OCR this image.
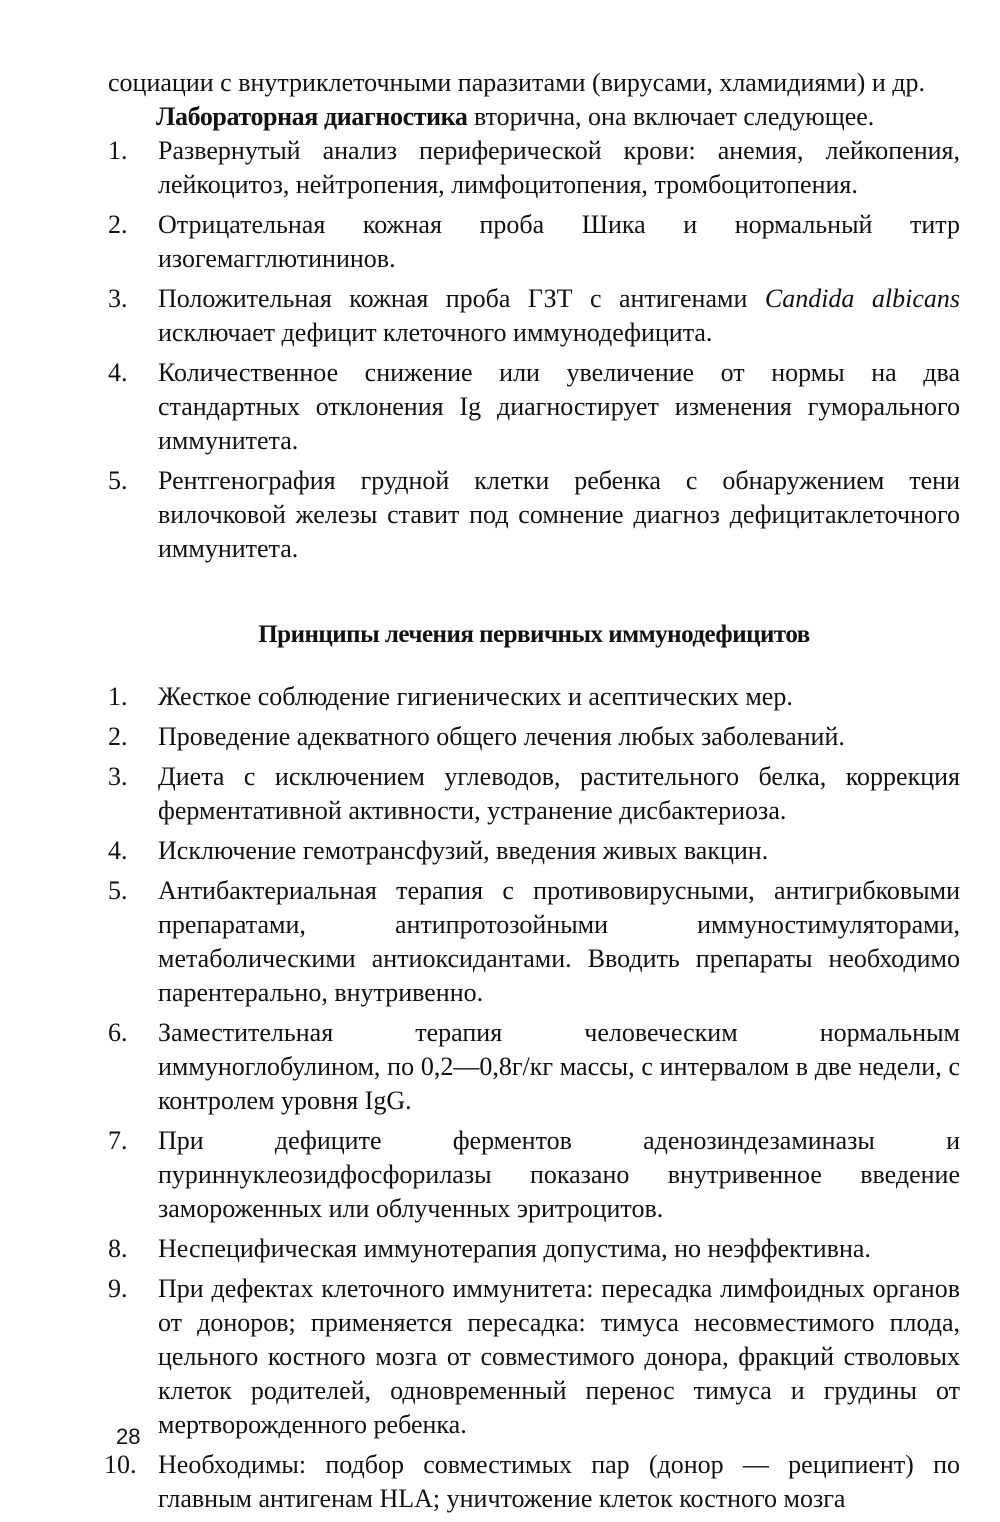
социации с внутриклеточными паразитами (вирусами, хламидиями) и др.

Лабораторная диагностика вторична, она включает следующее.

1.	Развернутый анализ периферической крови: анемия, лейкопения, лейкоцитоз, нейтропения, лимфоцитопения, тромбоцитопения.
2.	Отрицательная кожная проба Шика и нормальный титр изогемагглютининов.
3.	Положительная кожная проба ГЗТ с антигенами Candida albicans исключает дефицит клеточного иммунодефицита.
4.	Количественное снижение или увеличение от нормы на два стандартных отклонения Ig диагностирует изменения гуморального иммунитета.
5.	Рентгенография грудной клетки ребенка с обнаружением тени вилочковой железы ставит под сомнение диагноз дефицитаклеточного иммунитета.
Принципы лечения первичных иммунодефицитов
1.	Жесткое соблюдение гигиенических и асептических мер.
2.	Проведение адекватного общего лечения любых заболеваний.
3.	Диета с исключением углеводов, растительного белка, коррекция ферментативной активности, устранение дисбактериоза.
4.	Исключение гемотрансфузий, введения живых вакцин.
5.	Антибактериальная терапия с противовирусными, антигрибковыми препаратами, антипротозойными иммуностимуляторами, метаболическими антиоксидантами. Вводить препараты необходимо парентерально, внутривенно.
6.	Заместительная терапия человеческим нормальным иммуноглобулином, по 0,2—0,8г/кг массы, с интервалом в две недели, с контролем уровня IgG.
7.	При дефиците ферментов аденозиндезаминазы и пуриннуклеозидфосфорилазы показано внутривенное введение замороженных или облученных эритроцитов.
8.	Неспецифическая иммунотерапия допустима, но неэффективна.
9.	При дефектах клеточного иммунитета: пересадка лимфоидных органов от доноров; применяется пересадка: тимуса несовместимого плода, цельного костного мозга от совместимого донора, фракций стволовых клеток родителей, одновременный перенос тимуса и грудины от мертворожденного ребенка.
10. Необходимы: подбор совместимых пар (донор — реципиент) по главным антигенам HLA; уничтожение клеток костного мозга
28
